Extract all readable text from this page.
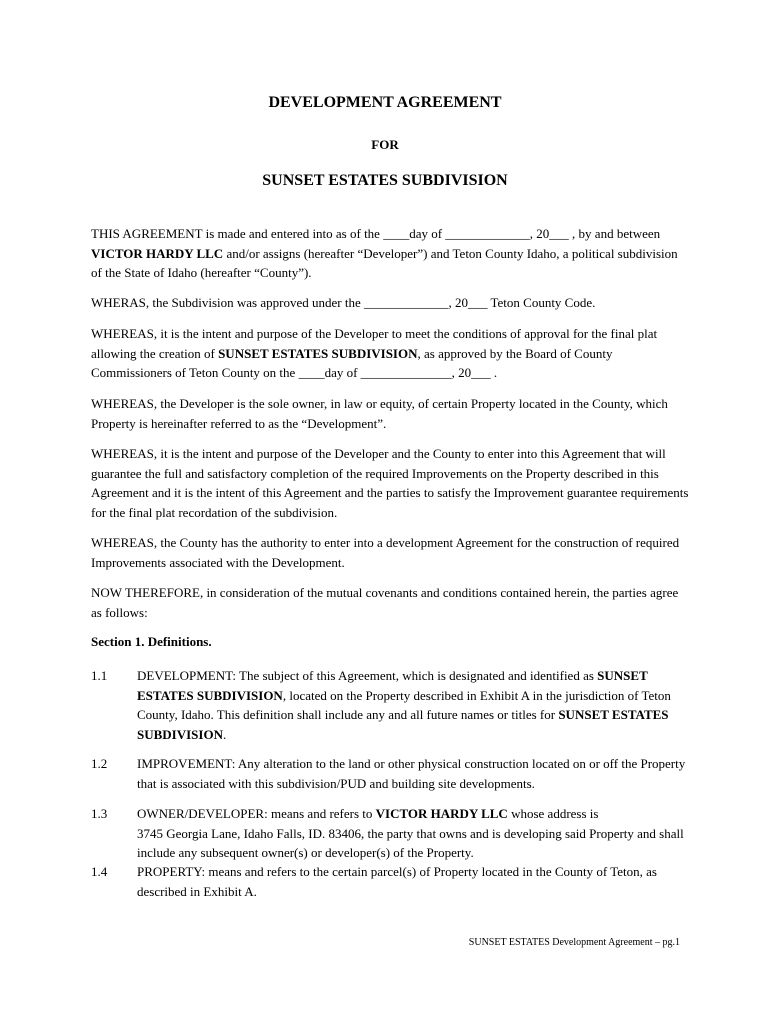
DEVELOPMENT AGREEMENT
FOR
SUNSET ESTATES SUBDIVISION
THIS AGREEMENT is made and entered into as of the ____day of _____________, 20___ , by and between VICTOR HARDY LLC and/or assigns (hereafter “Developer”) and Teton County Idaho, a political subdivision of the State of Idaho (hereafter “County”).
WHERAS, the Subdivision was approved under the _____________, 20___ Teton County Code.
WHEREAS, it is the intent and purpose of the Developer to meet the conditions of approval for the final plat allowing the creation of SUNSET ESTATES SUBDIVISION, as approved by the Board of County Commissioners of Teton County on the ____day of ______________, 20___ .
WHEREAS, the Developer is the sole owner, in law or equity, of certain Property located in the County, which Property is hereinafter referred to as the “Development”.
WHEREAS, it is the intent and purpose of the Developer and the County to enter into this Agreement that will guarantee the full and satisfactory completion of the required Improvements on the Property described in this Agreement and it is the intent of this Agreement and the parties to satisfy the Improvement guarantee requirements for the final plat recordation of the subdivision.
WHEREAS, the County has the authority to enter into a development Agreement for the construction of required Improvements associated with the Development.
NOW THEREFORE, in consideration of the mutual covenants and conditions contained herein, the parties agree as follows:
Section 1. Definitions.
1.1 DEVELOPMENT: The subject of this Agreement, which is designated and identified as SUNSET ESTATES SUBDIVISION, located on the Property described in Exhibit A in the jurisdiction of Teton County, Idaho. This definition shall include any and all future names or titles for SUNSET ESTATES SUBDIVISION.
1.2 IMPROVEMENT: Any alteration to the land or other physical construction located on or off the Property that is associated with this subdivision/PUD and building site developments.
1.3 OWNER/DEVELOPER: means and refers to VICTOR HARDY LLC whose address is
3745 Georgia Lane, Idaho Falls, ID. 83406, the party that owns and is developing said Property and shall include any subsequent owner(s) or developer(s) of the Property.
1.4 PROPERTY: means and refers to the certain parcel(s) of Property located in the County of Teton, as described in Exhibit A.
SUNSET ESTATES Development Agreement – pg.1
